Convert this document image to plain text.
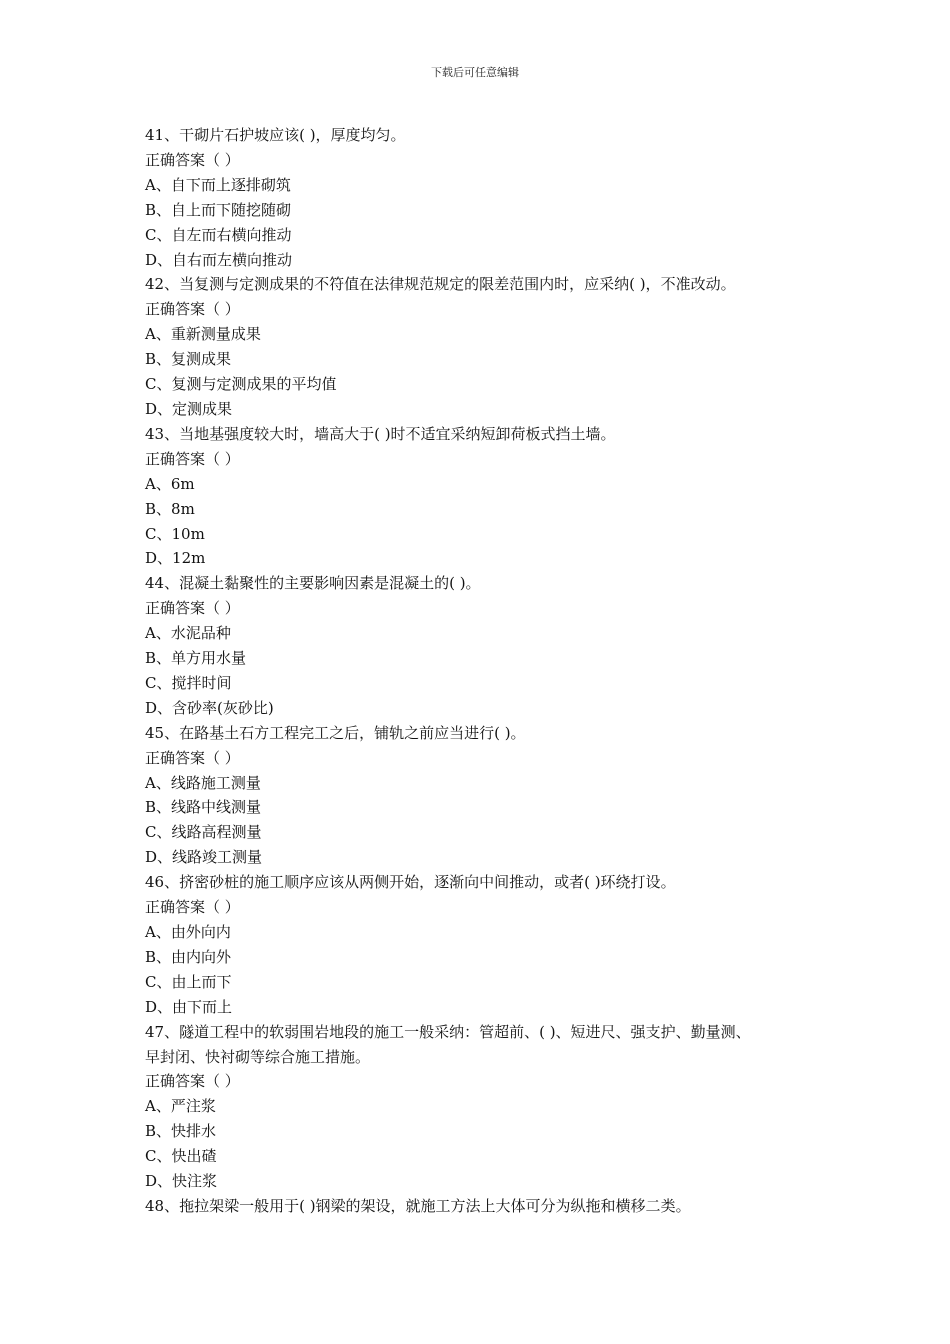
下载后可任意编辑
41、干砌片石护坡应该( )，厚度均匀。
正确答案（ ）
A、自下而上逐排砌筑
B、自上而下随挖随砌
C、自左而右横向推动
D、自右而左横向推动
42、当复测与定测成果的不符值在法律规范规定的限差范围内时，应采纳( )，不准改动。
正确答案（ ）
A、重新测量成果
B、复测成果
C、复测与定测成果的平均值
D、定测成果
43、当地基强度较大时，墙高大于( )时不适宜采纳短卸荷板式挡土墙。
正确答案（ ）
A、6m
B、8m
C、10m
D、12m
44、混凝土黏聚性的主要影响因素是混凝土的( )。
正确答案（ ）
A、水泥品种
B、单方用水量
C、搅拌时间
D、含砂率(灰砂比)
45、在路基土石方工程完工之后，铺轨之前应当进行( )。
正确答案（ ）
A、线路施工测量
B、线路中线测量
C、线路高程测量
D、线路竣工测量
46、挤密砂桩的施工顺序应该从两侧开始，逐渐向中间推动，或者( )环绕打设。
正确答案（ ）
A、由外向内
B、由内向外
C、由上而下
D、由下而上
47、隧道工程中的软弱围岩地段的施工一般采纳：管超前、( )、短进尺、强支护、勤量测、
早封闭、快衬砌等综合施工措施。
正确答案（ ）
A、严注浆
B、快排水
C、快出碴
D、快注浆
48、拖拉架梁一般用于( )钢梁的架设，就施工方法上大体可分为纵拖和横移二类。
